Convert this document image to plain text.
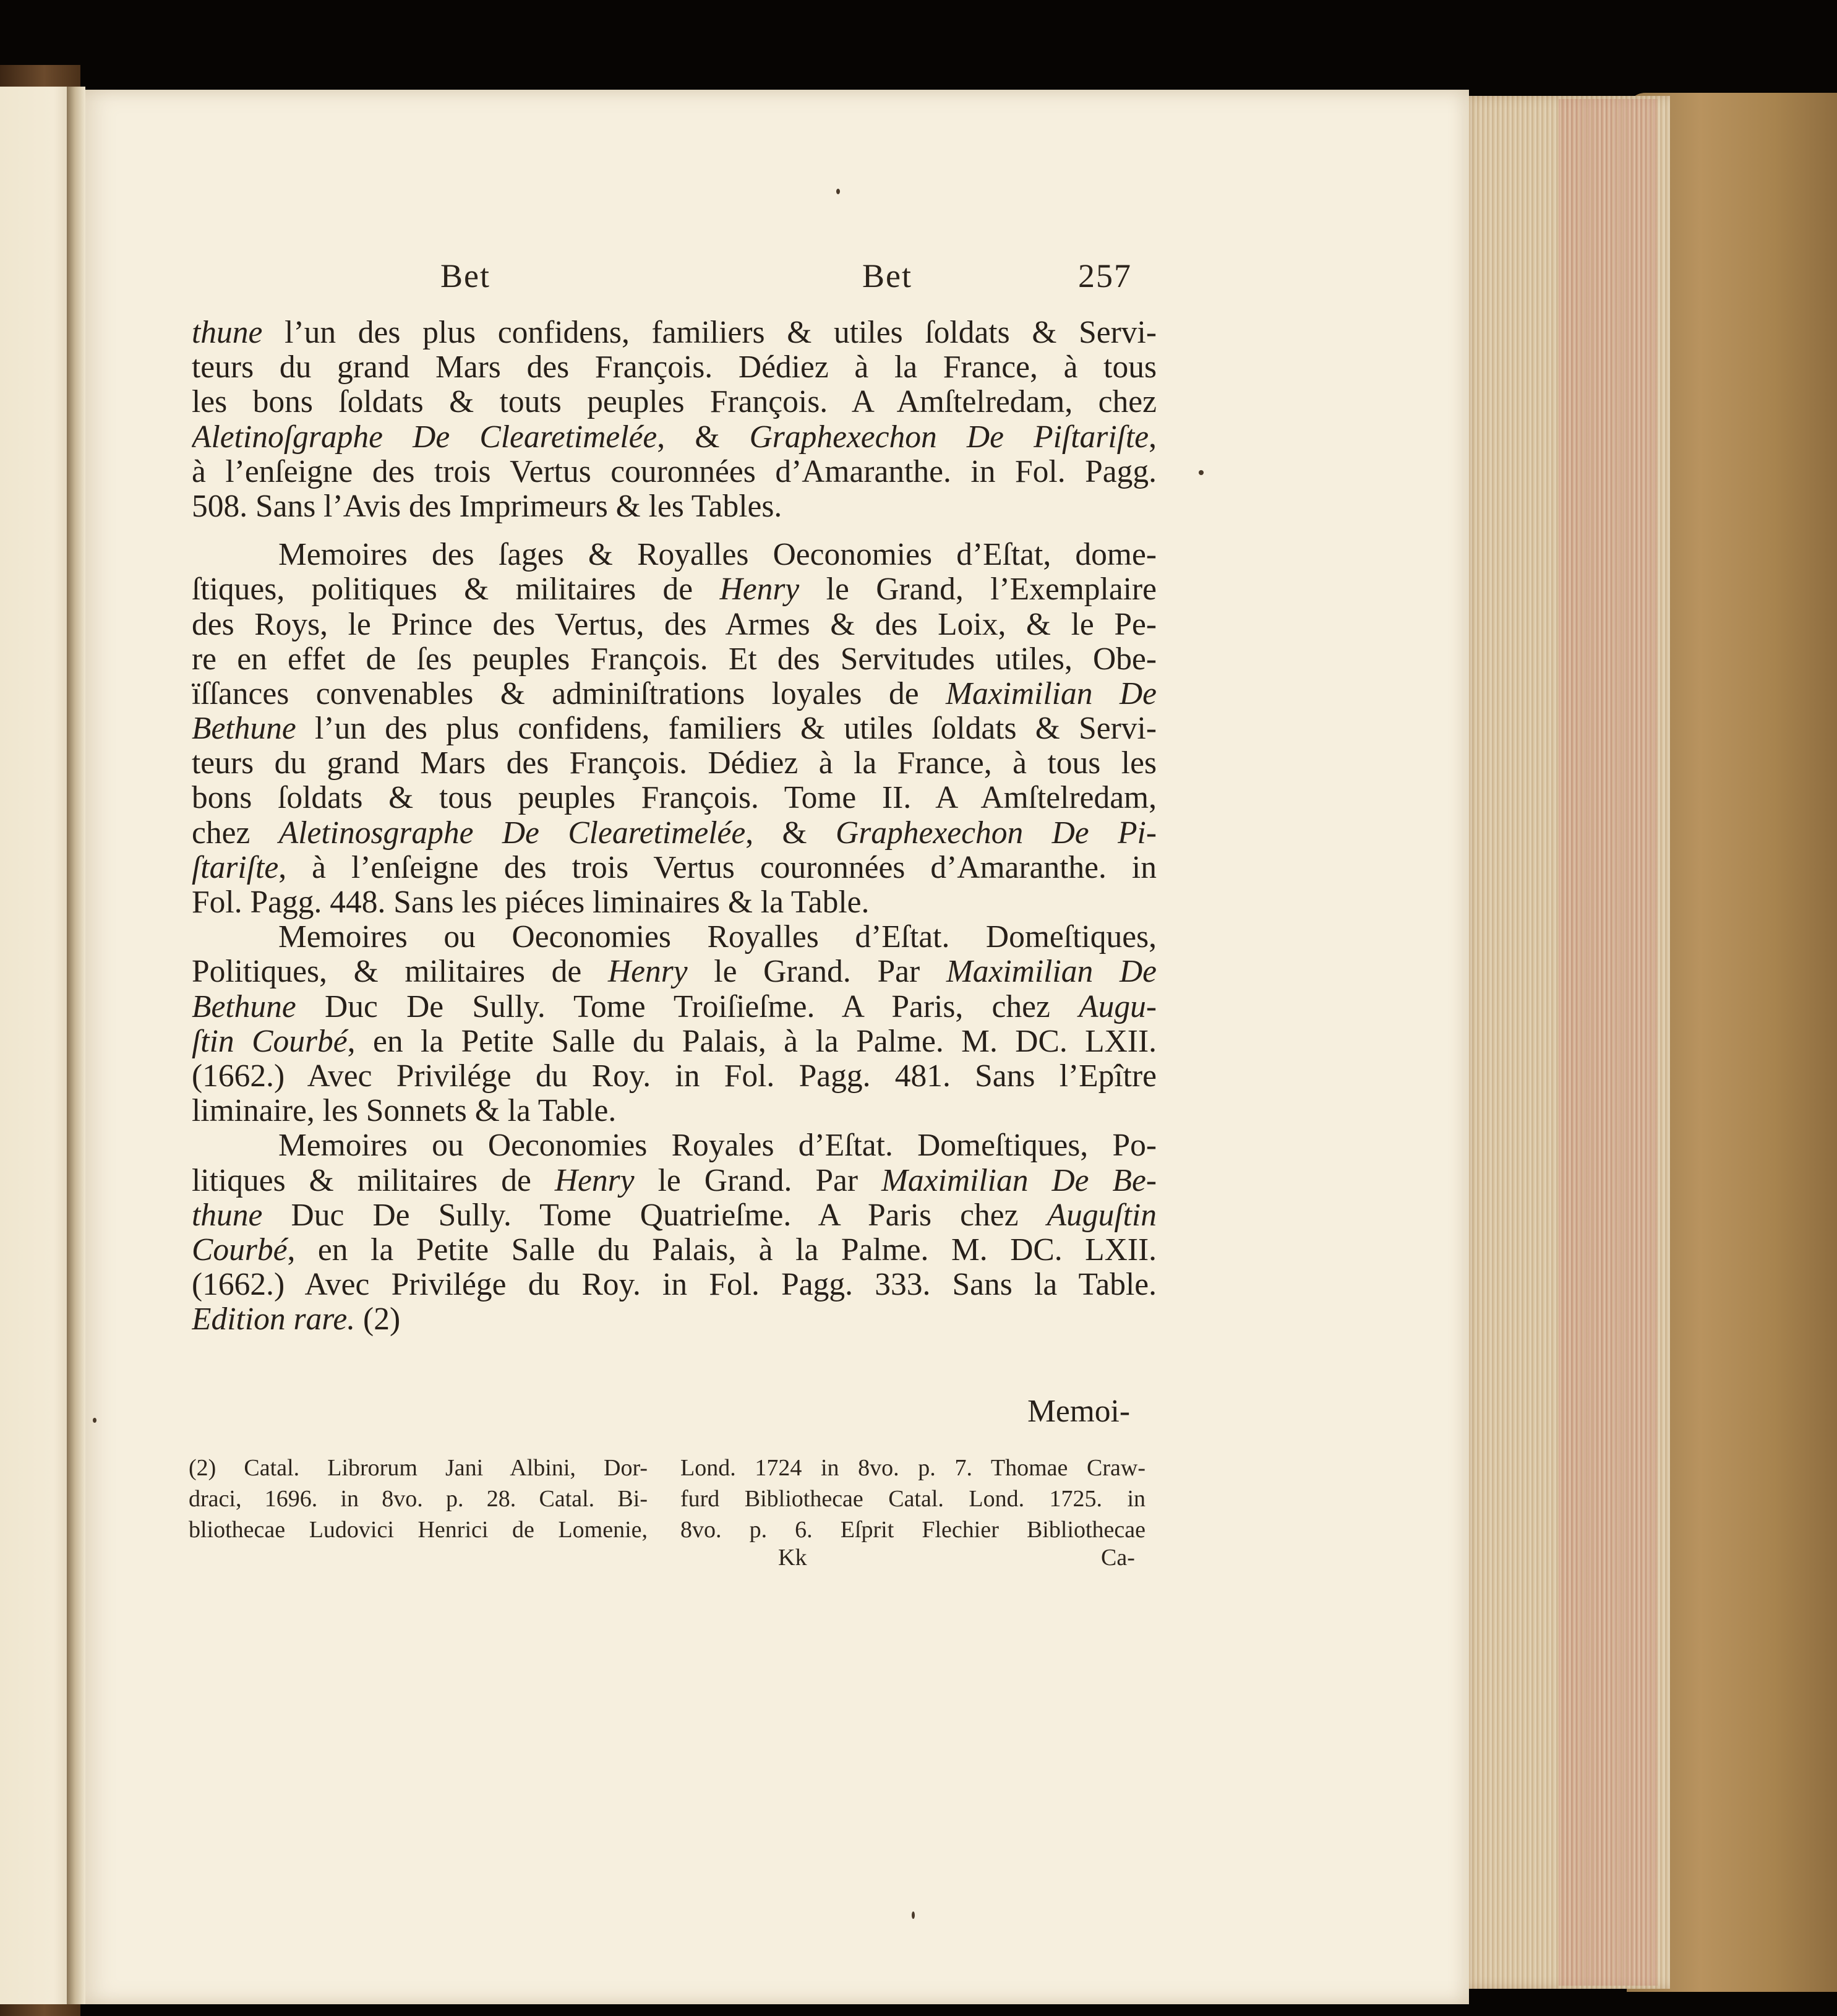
Bet	Bet	257
thune l’un des plus confidens, familiers & utiles ſoldats & Servi-
teurs du grand Mars des François. Dédiez à la France, à tous
les bons ſoldats & touts peuples François. A Amſtelredam, chez
Aletinoſgraphe De Clearetimelée, & Graphexechon De Piſtariſte,
à l’enſeigne des trois Vertus couronnées d’Amaranthe. in Fol. Pagg.
508. Sans l’Avis des Imprimeurs & les Tables.
Memoires des ſages & Royalles Oeconomies d’Eſtat, dome-
ſtiques, politiques & militaires de Henry le Grand, l’Exemplaire
des Roys, le Prince des Vertus, des Armes & des Loix, & le Pe-
re en effet de ſes peuples François. Et des Servitudes utiles, Obe-
ïſſances convenables & adminiſtrations loyales de Maximilian De
Bethune l’un des plus confidens, familiers & utiles ſoldats & Servi-
teurs du grand Mars des François. Dédiez à la France, à tous les
bons ſoldats & tous peuples François. Tome II. A Amſtelredam,
chez Aletinosgraphe De Clearetimelée, & Graphexechon De Pi-
ſtariſte, à l’enſeigne des trois Vertus couronnées d’Amaranthe. in
Fol. Pagg. 448. Sans les piéces liminaires & la Table.
Memoires ou Oeconomies Royalles d’Eſtat. Domeſtiques,
Politiques, & militaires de Henry le Grand. Par Maximilian De
Bethune Duc De Sully. Tome Troiſieſme. A Paris, chez Augu-
ſtin Courbé, en la Petite Salle du Palais, à la Palme. M. DC. LXII.
(1662.) Avec Privilége du Roy. in Fol. Pagg. 481. Sans l’Epître
liminaire, les Sonnets & la Table.
Memoires ou Oeconomies Royales d’Eſtat. Domeſtiques, Po-
litiques & militaires de Henry le Grand. Par Maximilian De Be-
thune Duc De Sully. Tome Quatrieſme. A Paris chez Auguſtin
Courbé, en la Petite Salle du Palais, à la Palme. M. DC. LXII.
(1662.) Avec Privilége du Roy. in Fol. Pagg. 333. Sans la Table.
Edition rare. (2)
Memoi-
(2) Catal. Librorum Jani Albini, Dor-
draci, 1696. in 8vo. p. 28. Catal. Bi-
bliothecae Ludovici Henrici de Lomenie,
Lond. 1724 in 8vo. p. 7. Thomae Craw-
furd Bibliothecae Catal. Lond. 1725. in
8vo. p. 6. Eſprit Flechier Bibliothecae
Kk	Ca-
